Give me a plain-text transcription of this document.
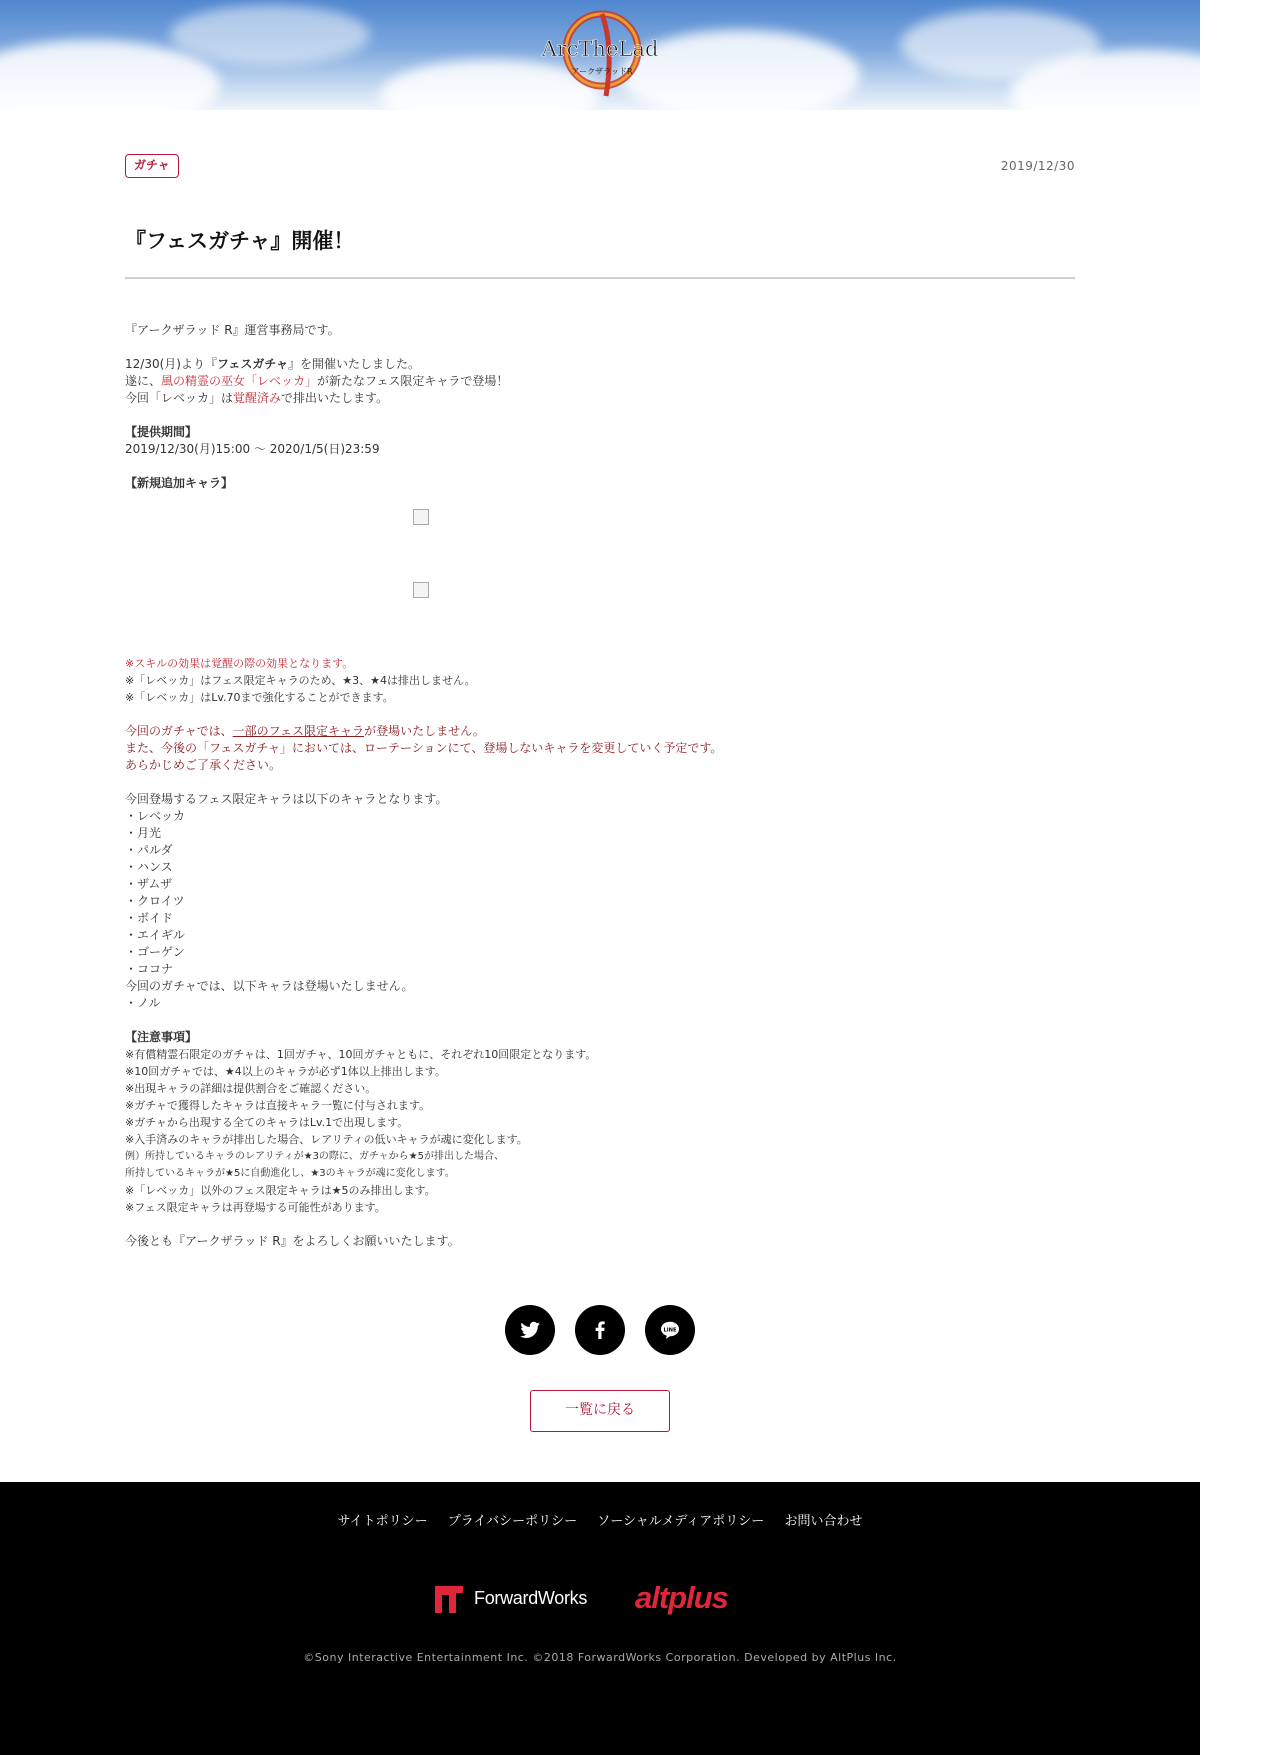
ArcTheLad
アークザラッドR
ガチャ	2019/12/30
『フェスガチャ』開催！
『アークザラッド R』運営事務局です。
12/30(月)より『フェスガチャ』を開催いたしました。
遂に、風の精霊の巫女「レベッカ」が新たなフェス限定キャラで登場！
今回「レベッカ」は覚醒済みで排出いたします。
【提供期間】
2019/12/30(月)15:00 〜 2020/1/5(日)23:59
【新規追加キャラ】
※スキルの効果は覚醒の際の効果となります。
※「レベッカ」はフェス限定キャラのため、★3、★4は排出しません。
※「レベッカ」はLv.70まで強化することができます。
今回のガチャでは、一部のフェス限定キャラが登場いたしません。
また、今後の「フェスガチャ」においては、ローテーションにて、登場しないキャラを変更していく予定です。
あらかじめご了承ください。
今回登場するフェス限定キャラは以下のキャラとなります。
・レベッカ
・月光
・パルダ
・ハンス
・ザムザ
・クロイツ
・ボイド
・エイギル
・ゴーゲン
・ココナ
今回のガチャでは、以下キャラは登場いたしません。
・ノル
【注意事項】
※有償精霊石限定のガチャは、1回ガチャ、10回ガチャともに、それぞれ10回限定となります。
※10回ガチャでは、★4以上のキャラが必ず1体以上排出します。
※出現キャラの詳細は提供割合をご確認ください。
※ガチャで獲得したキャラは直接キャラ一覧に付与されます。
※ガチャから出現する全てのキャラはLv.1で出現します。
※入手済みのキャラが排出した場合、レアリティの低いキャラが魂に変化します。
例）所持しているキャラのレアリティが★3の際に、ガチャから★5が排出した場合、
所持しているキャラが★5に自動進化し、★3のキャラが魂に変化します。
※「レベッカ」以外のフェス限定キャラは★5のみ排出します。
※フェス限定キャラは再登場する可能性があります。
今後とも『アークザラッド R』をよろしくお願いいたします。
LINE
一覧に戻る
サイトポリシー プライバシーポリシー ソーシャルメディアポリシー お問い合わせ
ForwardWorks altplus
©Sony Interactive Entertainment Inc. ©2018 ForwardWorks Corporation. Developed by AltPlus Inc.
